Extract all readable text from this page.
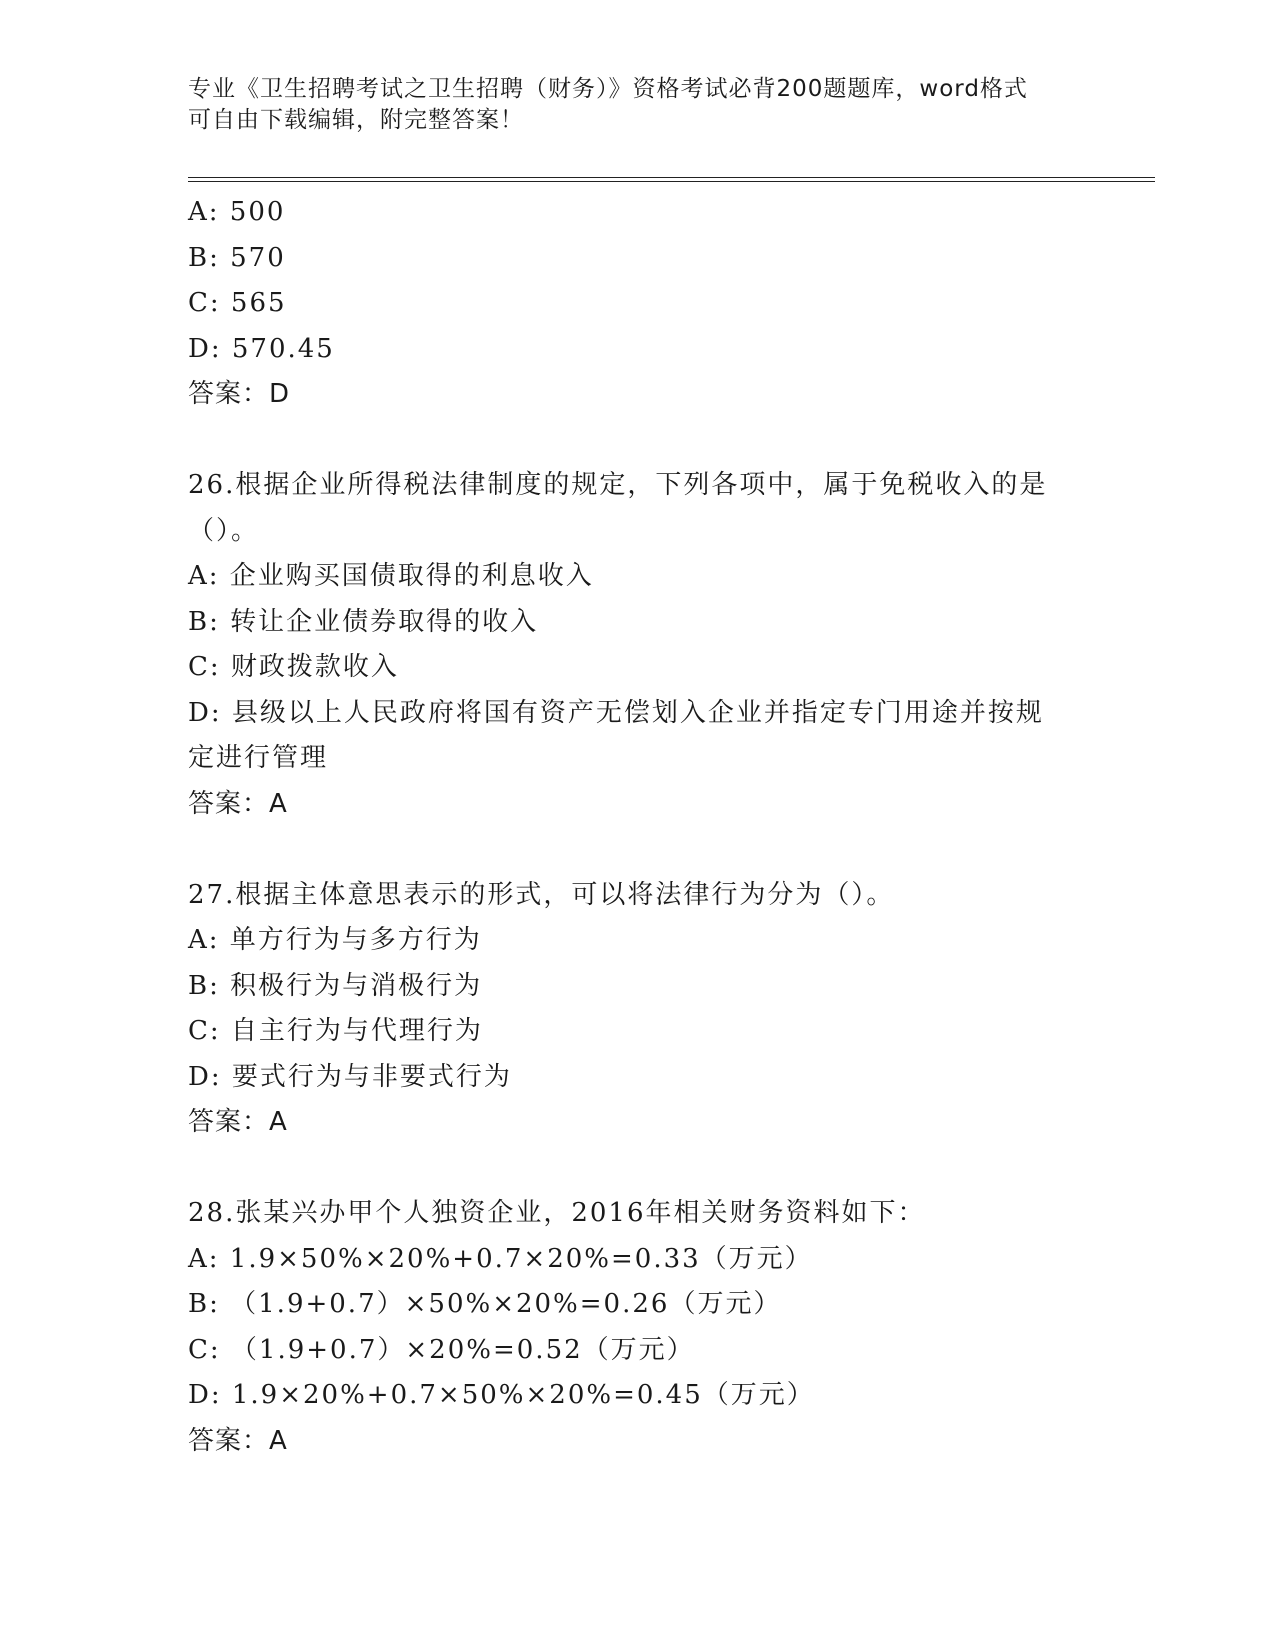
专业《卫生招聘考试之卫生招聘（财务）》资格考试必背200题题库，word格式
可自由下载编辑，附完整答案！
A: 500
B: 570
C: 565
D: 570.45
答案：D
26.根据企业所得税法律制度的规定，下列各项中，属于免税收入的是
（）。
A: 企业购买国债取得的利息收入
B: 转让企业债券取得的收入
C: 财政拨款收入
D: 县级以上人民政府将国有资产无偿划入企业并指定专门用途并按规
定进行管理
答案：A
27.根据主体意思表示的形式，可以将法律行为分为（）。
A: 单方行为与多方行为
B: 积极行为与消极行为
C: 自主行为与代理行为
D: 要式行为与非要式行为
答案：A
28.张某兴办甲个人独资企业，2016年相关财务资料如下：
A: 1.9×50%×20%+0.7×20%=0.33（万元）
B: （1.9+0.7）×50%×20%=0.26（万元）
C: （1.9+0.7）×20%=0.52（万元）
D: 1.9×20%+0.7×50%×20%=0.45（万元）
答案：A
